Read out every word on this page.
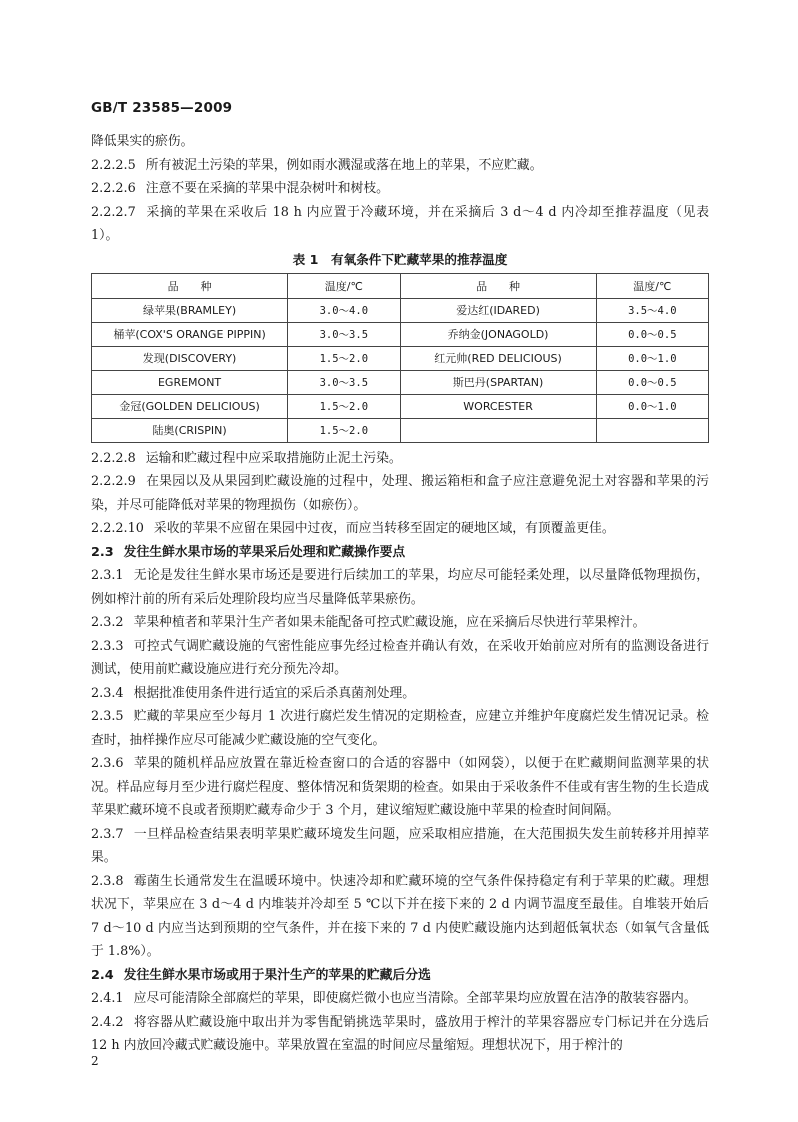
GB/T 23585—2009

降低果实的瘀伤。

2.2.2.5 所有被泥土污染的苹果，例如雨水溅湿或落在地上的苹果，不应贮藏。

2.2.2.6 注意不要在采摘的苹果中混杂树叶和树枝。

2.2.2.7 采摘的苹果在采收后 18 h 内应置于冷藏环境，并在采摘后 3 d～4 d 内冷却至推荐温度（见表 1）。

表 1　有氧条件下贮藏苹果的推荐温度
品　　种	温度/℃	品　　种	温度/℃
绿苹果(BRAMLEY)	3.0～4.0	爱达红(IDARED)	3.5～4.0
桶苹(COX'S ORANGE PIPPIN)	3.0～3.5	乔纳金(JONAGOLD)	0.0～0.5
发现(DISCOVERY)	1.5～2.0	红元帅(RED DELICIOUS)	0.0～1.0
EGREMONT	3.0～3.5	斯巴丹(SPARTAN)	0.0～0.5
金冠(GOLDEN DELICIOUS)	1.5～2.0	WORCESTER	0.0～1.0
陆奥(CRISPIN)	1.5～2.0		

2.2.2.8 运输和贮藏过程中应采取措施防止泥土污染。

2.2.2.9 在果园以及从果园到贮藏设施的过程中，处理、搬运箱柜和盒子应注意避免泥土对容器和苹果的污染，并尽可能降低对苹果的物理损伤（如瘀伤）。

2.2.2.10 采收的苹果不应留在果园中过夜，而应当转移至固定的硬地区域，有顶覆盖更佳。

2.3 发往生鲜水果市场的苹果采后处理和贮藏操作要点

2.3.1 无论是发往生鲜水果市场还是要进行后续加工的苹果，均应尽可能轻柔处理，以尽量降低物理损伤，例如榨汁前的所有采后处理阶段均应当尽量降低苹果瘀伤。

2.3.2 苹果种植者和苹果汁生产者如果未能配备可控式贮藏设施，应在采摘后尽快进行苹果榨汁。

2.3.3 可控式气调贮藏设施的气密性能应事先经过检查并确认有效，在采收开始前应对所有的监测设备进行测试，使用前贮藏设施应进行充分预先冷却。

2.3.4 根据批准使用条件进行适宜的采后杀真菌剂处理。

2.3.5 贮藏的苹果应至少每月 1 次进行腐烂发生情况的定期检查，应建立并维护年度腐烂发生情况记录。检查时，抽样操作应尽可能减少贮藏设施的空气变化。

2.3.6 苹果的随机样品应放置在靠近检查窗口的合适的容器中（如网袋），以便于在贮藏期间监测苹果的状况。样品应每月至少进行腐烂程度、整体情况和货架期的检查。如果由于采收条件不佳或有害生物的生长造成苹果贮藏环境不良或者预期贮藏寿命少于 3 个月，建议缩短贮藏设施中苹果的检查时间间隔。

2.3.7 一旦样品检查结果表明苹果贮藏环境发生问题，应采取相应措施，在大范围损失发生前转移并用掉苹果。

2.3.8 霉菌生长通常发生在温暖环境中。快速冷却和贮藏环境的空气条件保持稳定有利于苹果的贮藏。理想状况下，苹果应在 3 d～4 d 内堆装并冷却至 5 ℃以下并在接下来的 2 d 内调节温度至最佳。自堆装开始后 7 d～10 d 内应当达到预期的空气条件，并在接下来的 7 d 内使贮藏设施内达到超低氧状态（如氧气含量低于 1.8%）。

2.4 发往生鲜水果市场或用于果汁生产的苹果的贮藏后分选

2.4.1 应尽可能清除全部腐烂的苹果，即使腐烂微小也应当清除。全部苹果均应放置在洁净的散装容器内。

2.4.2 将容器从贮藏设施中取出并为零售配销挑选苹果时，盛放用于榨汁的苹果容器应专门标记并在分选后 12 h 内放回冷藏式贮藏设施中。苹果放置在室温的时间应尽量缩短。理想状况下，用于榨汁的

2
